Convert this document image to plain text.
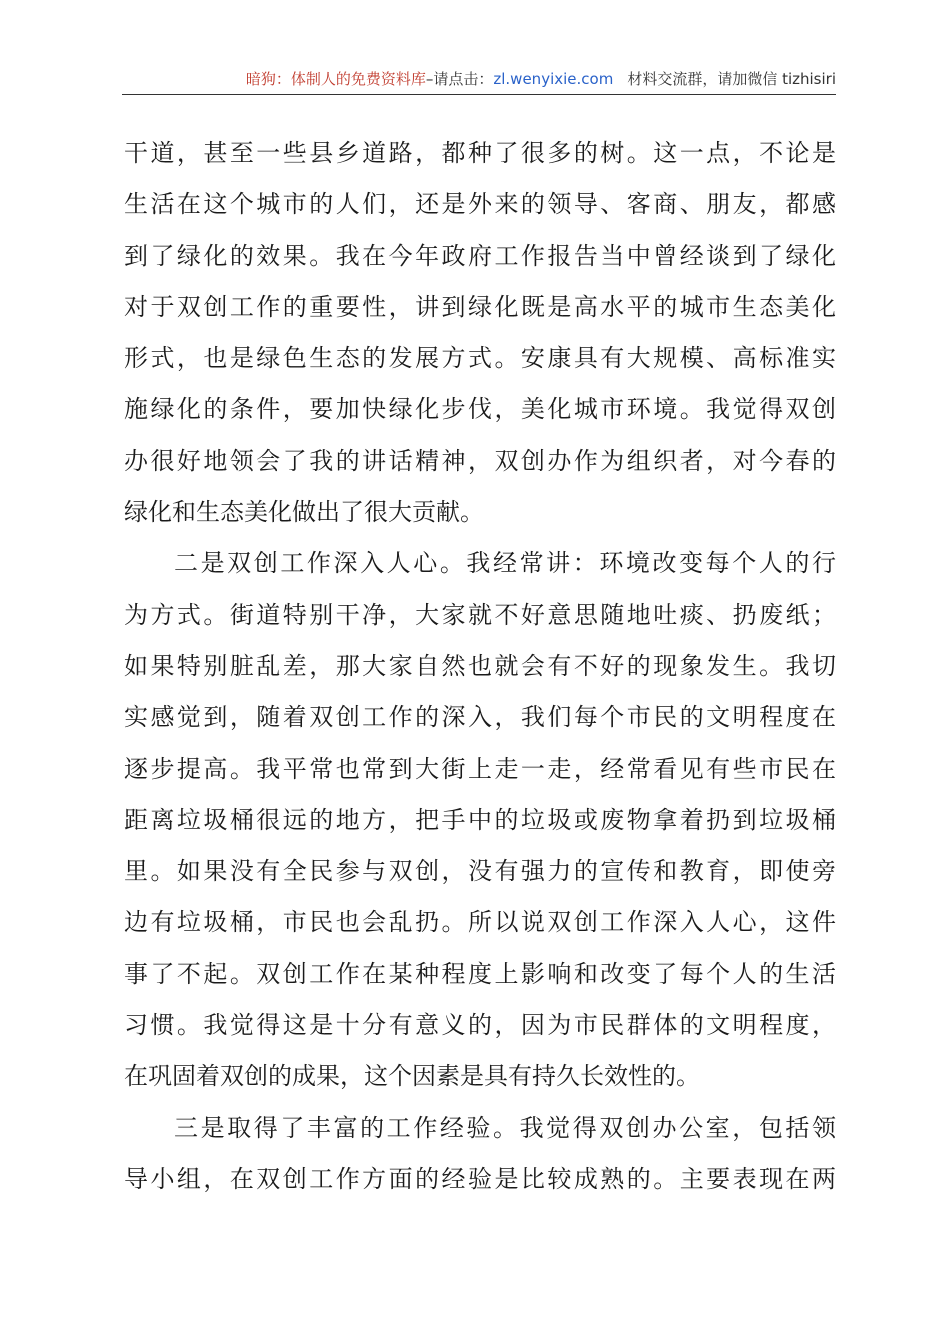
暗狗：体制人的免费资料库–请点击：zl.wenyixie.com 材料交流群，请加微信 tizhisiri
干道，甚至一些县乡道路，都种了很多的树。这一点，不论是
生活在这个城市的人们，还是外来的领导、客商、朋友，都感
到了绿化的效果。我在今年政府工作报告当中曾经谈到了绿化
对于双创工作的重要性，讲到绿化既是高水平的城市生态美化
形式，也是绿色生态的发展方式。安康具有大规模、高标准实
施绿化的条件，要加快绿化步伐，美化城市环境。我觉得双创
办很好地领会了我的讲话精神，双创办作为组织者，对今春的
绿化和生态美化做出了很大贡献。
二是双创工作深入人心。我经常讲：环境改变每个人的行
为方式。街道特别干净，大家就不好意思随地吐痰、扔废纸；
如果特别脏乱差，那大家自然也就会有不好的现象发生。我切
实感觉到，随着双创工作的深入，我们每个市民的文明程度在
逐步提高。我平常也常到大街上走一走，经常看见有些市民在
距离垃圾桶很远的地方，把手中的垃圾或废物拿着扔到垃圾桶
里。如果没有全民参与双创，没有强力的宣传和教育，即使旁
边有垃圾桶，市民也会乱扔。所以说双创工作深入人心，这件
事了不起。双创工作在某种程度上影响和改变了每个人的生活
习惯。我觉得这是十分有意义的，因为市民群体的文明程度，
在巩固着双创的成果，这个因素是具有持久长效性的。
三是取得了丰富的工作经验。我觉得双创办公室，包括领
导小组，在双创工作方面的经验是比较成熟的。主要表现在两
